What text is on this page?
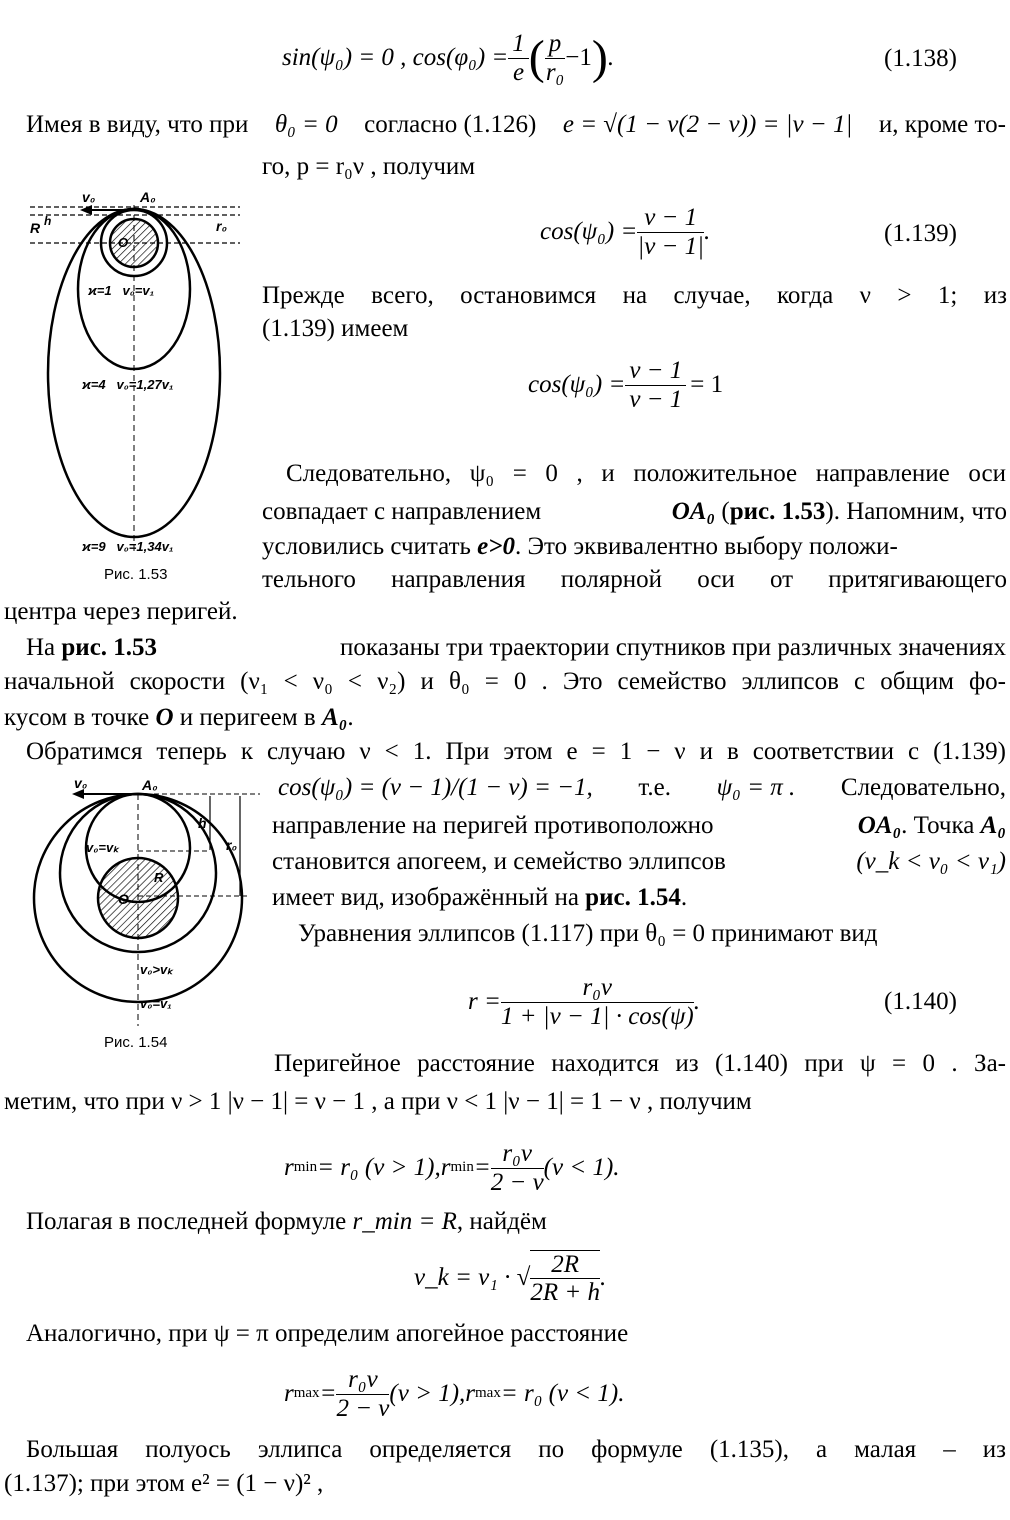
sin(ψ₀) = 0 , $\cos(\varphi_0) = \frac{1}{e}$ ( $\frac{p}{\text{r₀}} -1$ ) .	(1.138)
Имея в виду, что при θ₀ = 0 согласно (1.126) e = √(1 − ν(2 − ν)) = |ν − 1| и, кроме то-
го, p = r₀ν , получим
$\cos(\psi_0) = \frac{\nu - 1}{|\nu - 1|}$ .	(1.139)
Прежде всего, остановимся на случае, когда ν > 1; из
(1.139) имеем
$\cos(\psi_0) = \frac{\nu - 1}{\nu - 1} = 1$
Следовательно, ψ₀ = 0 , и положительное направление оси
совпадает с направлением	OA₀ (рис. 1.53). Напомним, что
условились считать e>0. Это эквивалентно выбору положи-
тельного направления полярной оси от притягивающего
центра через перигей.
На рис. 1.53	показаны три траектории спутников при различных значениях
начальной скорости (ν₁ < ν₀ < ν₂) и θ₀ = 0 . Это семейство эллипсов с общим фо-
кусом в точке O и перигеем в A₀.
Обратимся теперь к случаю ν < 1. При этом e = 1 − ν и в соответствии с (1.139)
cos(ψ₀) = (ν − 1)/(1 − ν) = −1, т.е. ψ₀ = π . Следовательно,
направление на перигей противоположно	OA₀. Точка A₀
становится апогеем, и семейство эллипсов	(ν_k < ν₀ < ν₁)
имеет вид, изображённый на рис. 1.54.
Уравнения эллипсов (1.117) при θ₀ = 0 принимают вид
$r = \frac{\text{r₀ν}}{1 + |\nu - 1| \cdot \cos(\psi)}$ .	(1.140)
Перигейное расстояние находится из (1.140) при ψ = 0 . За-
метим, что при ν > 1 |ν − 1| = ν − 1 , а при ν < 1 |ν − 1| = 1 − ν , получим
r min = r₀ (ν > 1), r $\min = \frac{\text{r₀ν}}{2 - \nu} (\nu < 1)$.
Полагая в последней формуле r_min = R, найдём
ν_k = ν₁ · √ $\frac{2R}{2R + h}$ .
Аналогично, при ψ = π определим апогейное расстояние
r $\max = \frac{\text{r₀ν}}{2 - \nu} (\nu > 1)$, r max = r₀ (ν < 1).
Большая полуось эллипса определяется по формуле (1.135), а малая – из
(1.137); при этом e² = (1 − ν)² ,
v₀	A₀
R h	r₀
O
ϰ=1   v₀=v₁
ϰ=4   v₀=1,27v₁
ϰ=9   v₀=1,34v₁
Рис. 1.53
v₀	A₀
h
r₀
R
O
v₀=vₖ
v₀>vₖ
v₀=v₁
Рис. 1.54
